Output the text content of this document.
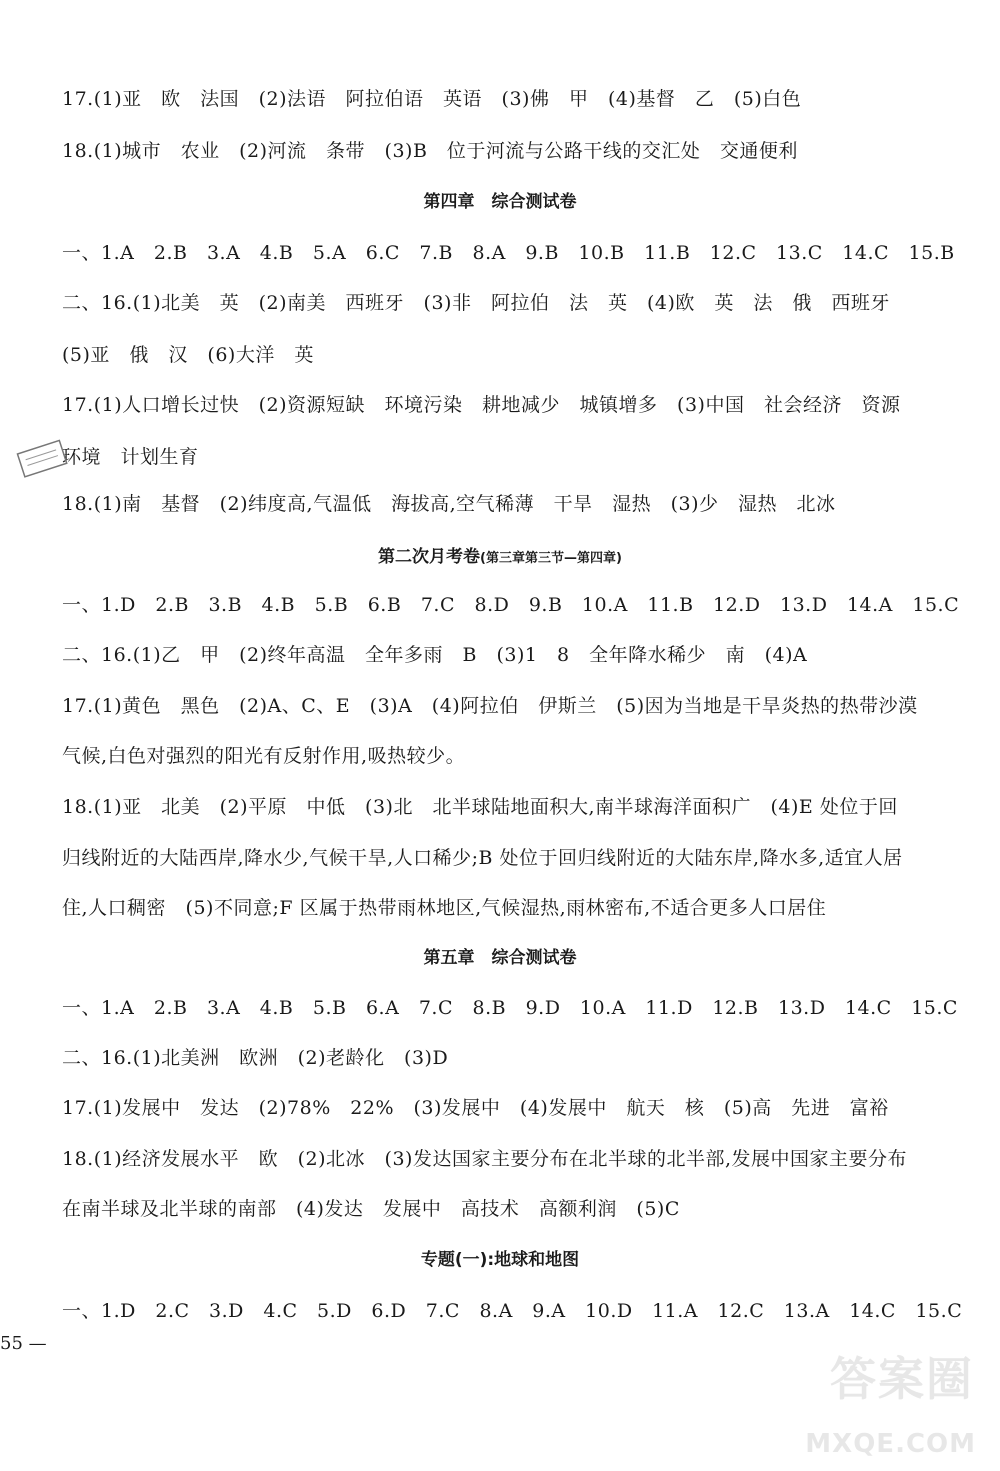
17.(1)亚　欧　法国　(2)法语　阿拉伯语　英语　(3)佛　甲　(4)基督　乙　(5)白色
18.(1)城市　农业　(2)河流　条带　(3)B　位于河流与公路干线的交汇处　交通便利
第四章　综合测试卷
一、1.A　2.B　3.A　4.B　5.A　6.C　7.B　8.A　9.B　10.B　11.B　12.C　13.C　14.C　15.B
二、16.(1)北美　英　(2)南美　西班牙　(3)非　阿拉伯　法　英　(4)欧　英　法　俄　西班牙
(5)亚　俄　汉　(6)大洋　英
17.(1)人口增长过快　(2)资源短缺　环境污染　耕地减少　城镇增多　(3)中国　社会经济　资源
环境　计划生育
18.(1)南　基督　(2)纬度高,气温低　海拔高,空气稀薄　干旱　湿热　(3)少　湿热　北冰
第二次月考卷(第三章第三节—第四章)
一、1.D　2.B　3.B　4.B　5.B　6.B　7.C　8.D　9.B　10.A　11.B　12.D　13.D　14.A　15.C
二、16.(1)乙　甲　(2)终年高温　全年多雨　B　(3)1　8　全年降水稀少　南　(4)A
17.(1)黄色　黑色　(2)A、C、E　(3)A　(4)阿拉伯　伊斯兰　(5)因为当地是干旱炎热的热带沙漠
气候,白色对强烈的阳光有反射作用,吸热较少。
18.(1)亚　北美　(2)平原　中低　(3)北　北半球陆地面积大,南半球海洋面积广　(4)E 处位于回
归线附近的大陆西岸,降水少,气候干旱,人口稀少;B 处位于回归线附近的大陆东岸,降水多,适宜人居
住,人口稠密　(5)不同意;F 区属于热带雨林地区,气候湿热,雨林密布,不适合更多人口居住
第五章　综合测试卷
一、1.A　2.B　3.A　4.B　5.B　6.A　7.C　8.B　9.D　10.A　11.D　12.B　13.D　14.C　15.C
二、16.(1)北美洲　欧洲　(2)老龄化　(3)D
17.(1)发展中　发达　(2)78%　22%　(3)发展中　(4)发展中　航天　核　(5)高　先进　富裕
18.(1)经济发展水平　欧　(2)北冰　(3)发达国家主要分布在北半球的北半部,发展中国家主要分布
在南半球及北半球的南部　(4)发达　发展中　高技术　高额利润　(5)C
专题(一):地球和地图
一、1.D　2.C　3.D　4.C　5.D　6.D　7.C　8.A　9.A　10.D　11.A　12.C　13.A　14.C　15.C
55 —
答案圈
MXQE.COM
